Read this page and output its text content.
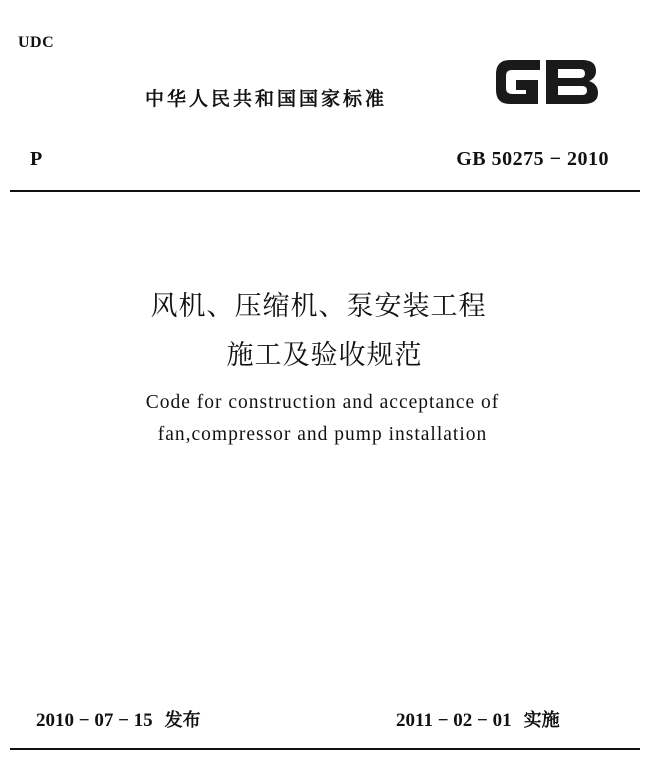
UDC
中华人民共和国国家标准
P	GB 50275 − 2010
风机、压缩机、泵安装工程
施工及验收规范
Code for construction and acceptance of
fan,compressor and pump installation
2010 − 07 − 15 发布	2011 − 02 − 01 实施
